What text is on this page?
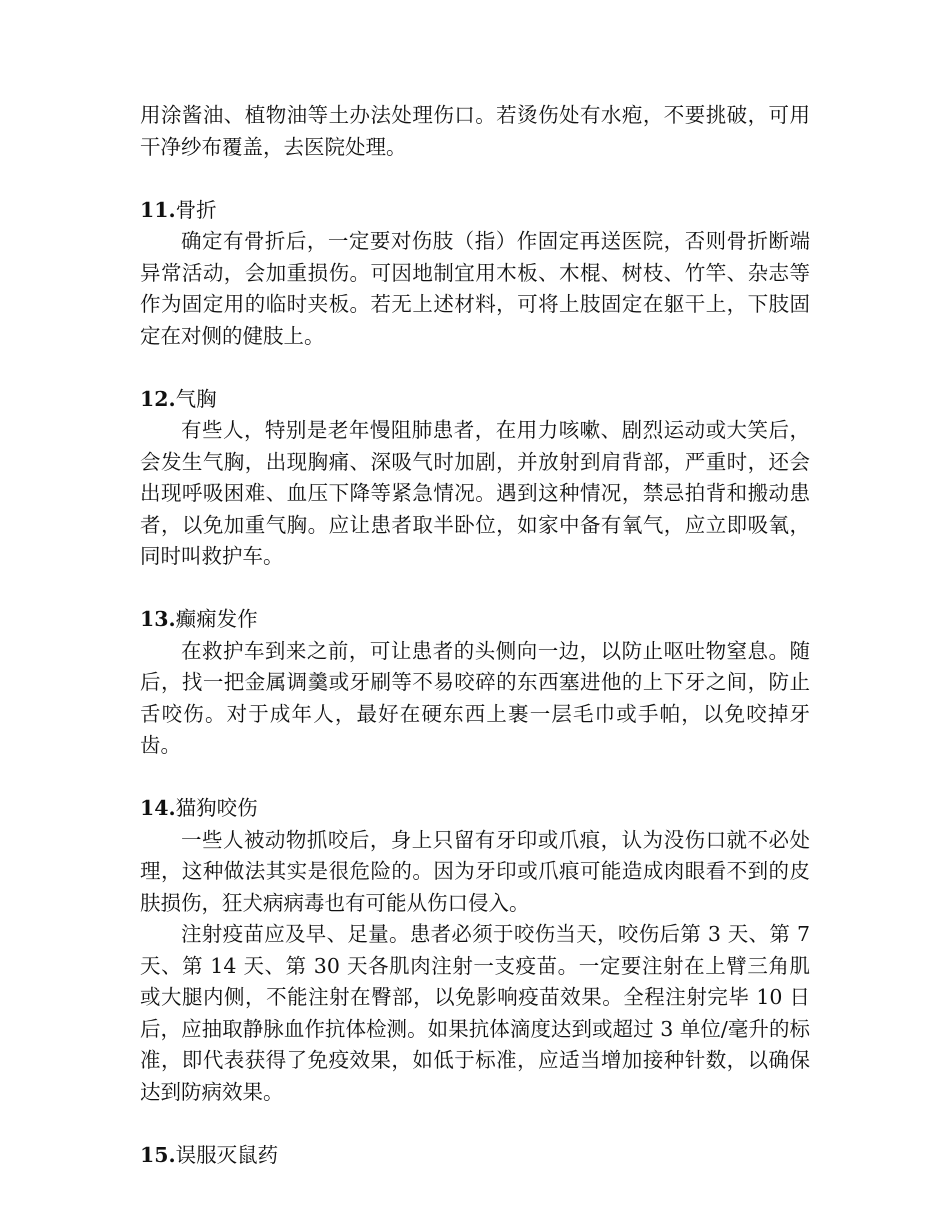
用涂酱油、植物油等土办法处理伤口。若烫伤处有水疱，不要挑破，可用干净纱布覆盖，去医院处理。

11.骨折

确定有骨折后，一定要对伤肢（指）作固定再送医院，否则骨折断端异常活动，会加重损伤。可因地制宜用木板、木棍、树枝、竹竿、杂志等作为固定用的临时夹板。若无上述材料，可将上肢固定在躯干上，下肢固定在对侧的健肢上。

12.气胸

有些人，特别是老年慢阻肺患者，在用力咳嗽、剧烈运动或大笑后，会发生气胸，出现胸痛、深吸气时加剧，并放射到肩背部，严重时，还会出现呼吸困难、血压下降等紧急情况。遇到这种情况，禁忌拍背和搬动患者，以免加重气胸。应让患者取半卧位，如家中备有氧气，应立即吸氧，同时叫救护车。

13.癫痫发作

在救护车到来之前，可让患者的头侧向一边，以防止呕吐物窒息。随后，找一把金属调羹或牙刷等不易咬碎的东西塞进他的上下牙之间，防止舌咬伤。对于成年人，最好在硬东西上裹一层毛巾或手帕，以免咬掉牙齿。

14.猫狗咬伤

一些人被动物抓咬后，身上只留有牙印或爪痕，认为没伤口就不必处理，这种做法其实是很危险的。因为牙印或爪痕可能造成肉眼看不到的皮肤损伤，狂犬病病毒也有可能从伤口侵入。

注射疫苗应及早、足量。患者必须于咬伤当天，咬伤后第 3 天、第 7 天、第 14 天、第 30 天各肌肉注射一支疫苗。一定要注射在上臂三角肌或大腿内侧，不能注射在臀部，以免影响疫苗效果。全程注射完毕 10 日后，应抽取静脉血作抗体检测。如果抗体滴度达到或超过 3 单位/毫升的标准，即代表获得了免疫效果，如低于标准，应适当增加接种针数，以确保达到防病效果。

15.误服灭鼠药
